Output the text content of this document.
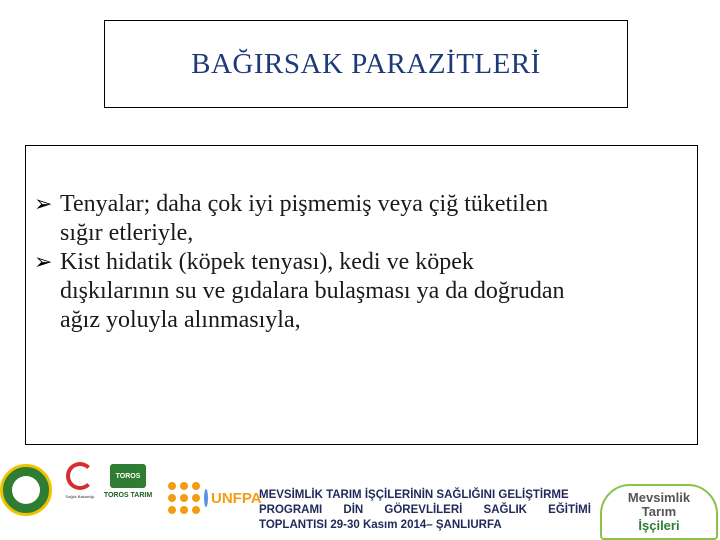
BAĞIRSAK PARAZİTLERİ
➢ Tenyalar; daha çok iyi pişmemiş veya çiğ tüketilen
sığır etleriyle,
➢ Kist hidatik (köpek tenyası), kedi ve köpek
dışkılarının su ve gıdalara bulaşması ya da doğrudan
ağız yoluyla alınmasıyla,
Sağlık Bakanlığı
TOROS
TOROS TARIM	UNFPA
MEVSİMLİK TARIM İŞÇİLERİNİN SAĞLIĞINI GELİŞTİRME
PROGRAMI DİN GÖREVLİLERİ SAĞLIK EĞİTİMİ
TOPLANTISI 29-30 Kasım 2014– ŞANLIURFA
Mevsimlik
Tarım
İşçileri
